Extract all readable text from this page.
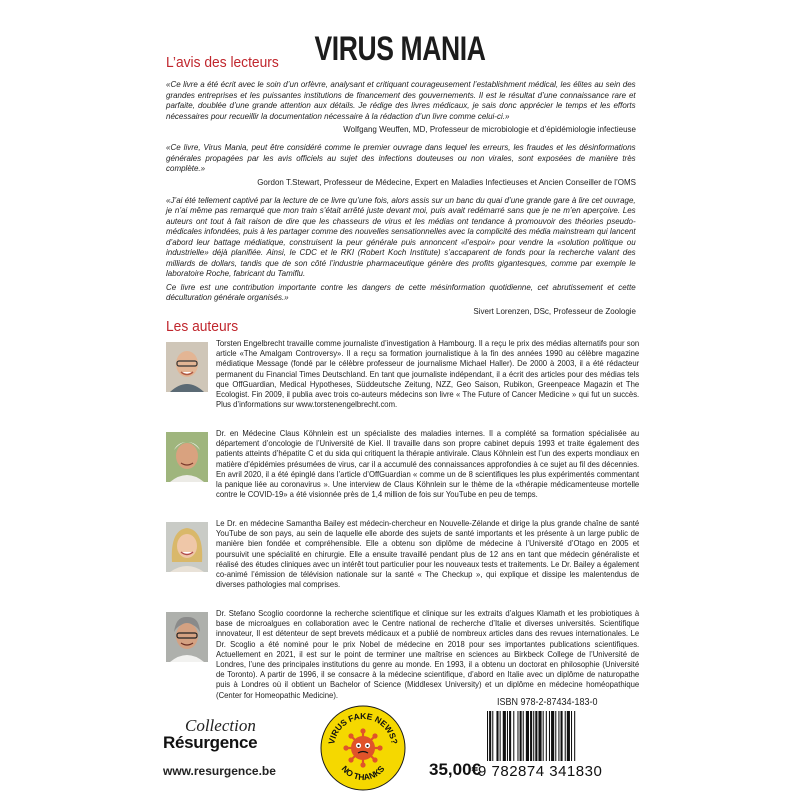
VIRUS MANIA
L’avis des lecteurs

«Ce livre a été écrit avec le soin d’un orfèvre, analysant et critiquant courageusement l’establishment médical, les élites au sein des grandes entreprises et les puissantes institutions de financement des gouvernements. Il est le résultat d’une connaissance rare et parfaite, doublée d’une grande attention aux détails. Je rédige des livres médicaux, je sais donc apprécier le temps et les efforts nécessaires pour recueillir la documentation nécessaire à la rédaction d’un livre comme celui-ci.»

Wolfgang Weuffen, MD, Professeur de microbiologie et d’épidémiologie infectieuse

«Ce livre, Virus Mania, peut être considéré comme le premier ouvrage dans lequel les erreurs, les fraudes et les désinformations générales propagées par les avis officiels au sujet des infections douteuses ou non virales, sont exposées de manière très complète.»

Gordon T.Stewart, Professeur de Médecine, Expert en Maladies Infectieuses et Ancien Conseiller de l’OMS

«J’ai été tellement captivé par la lecture de ce livre qu’une fois, alors assis sur un banc du quai d’une grande gare à lire cet ouvrage, je n’ai même pas remarqué que mon train s’était arrêté juste devant moi, puis avait redémarré sans que je ne m’en aperçoive. Les auteurs ont tout à fait raison de dire que les chasseurs de virus et les médias ont tendance à promouvoir des théories pseudo-médicales infondées, puis à les partager comme des nouvelles sensationnelles avec la complicité des média mainstream qui lancent d’abord leur battage médiatique, construisent la peur générale puis annoncent «l’espoir» pour vendre la «solution politique ou industrielle» déjà planifiée. Ainsi, le CDC et le RKI (Robert Koch Institute) s’accaparent de fonds pour la recherche valant des milliards de dollars, tandis que de son côté l’industrie pharmaceutique génère des profits gigantesques, comme par exemple le laboratoire Roche, fabricant du Tamiflu.

Ce livre est une contribution importante contre les dangers de cette mésinformation quotidienne, cet abrutissement et cette déculturation générale organisés.»

Sivert Lorenzen, DSc, Professeur de Zoologie
Les auteurs
Torsten Engelbrecht travaille comme journaliste d’investigation à Hambourg. Il a reçu le prix des médias alternatifs pour son article «The Amalgam Controversy». Il a reçu sa formation journalistique à la fin des années 1990 au célèbre magazine médiatique Message (fondé par le célèbre professeur de journalisme Michael Haller). De 2000 à 2003, il a été rédacteur permanent du Financial Times Deutschland. En tant que journaliste indépendant, il a écrit des articles pour des médias tels que OffGuardian, Medical Hypotheses, Süddeutsche Zeitung, NZZ, Geo Saison, Rubikon, Greenpeace Magazin et The Ecologist. Fin 2009, il publia avec trois co-auteurs médecins son livre « The Future of Cancer Medicine » qui fut un succès. Plus d’informations sur www.torstenengelbrecht.com.
Dr. en Médecine Claus Köhnlein est un spécialiste des maladies internes. Il a complété sa formation spécialisée au département d’oncologie de l’Université de Kiel. Il travaille dans son propre cabinet depuis 1993 et traite également des patients atteints d’hépatite C et du sida qui critiquent la thérapie antivirale. Claus Köhnlein est l’un des experts mondiaux en matière d’épidémies présumées de virus, car il a accumulé des connaissances approfondies à ce sujet au fil des décennies. En avril 2020, il a été épinglé dans l’article d’OffGuardian « comme un de 8 scientifiques les plus expérimentés commentant la panique liée au coronavirus ». Une interview de Claus Köhnlein sur le thème de la «thérapie médicamenteuse mortelle contre le COVID-19» a été visionnée près de 1,4 million de fois sur YouTube en peu de temps.
Le Dr. en médecine Samantha Bailey est médecin-chercheur en Nouvelle-Zélande et dirige la plus grande chaîne de santé YouTube de son pays, au sein de laquelle elle aborde des sujets de santé importants et les présente à un large public de manière bien fondée et compréhensible. Elle a obtenu son diplôme de médecine à l’Université d’Otago en 2005 et poursuivit une spécialité en chirurgie. Elle a ensuite travaillé pendant plus de 12 ans en tant que médecin généraliste et réalisé des études cliniques avec un intérêt tout particulier pour les nouveaux tests et traitements. Le Dr. Bailey a également co-animé l’émission de télévision nationale sur la santé « The Checkup », qui explique et dissipe les malentendus de diverses pathologies mal comprises.
Dr. Stefano Scoglio coordonne la recherche scientifique et clinique sur les extraits d’algues Klamath et les probiotiques à base de microalgues en collaboration avec le Centre national de recherche d’Italie et diverses universités. Scientifique innovateur, Il est détenteur de sept brevets médicaux et a publié de nombreux articles dans des revues internationales. Le Dr. Scoglio a été nominé pour le prix Nobel de médecine en 2018 pour ses importantes publications scientifiques. Actuellement en 2021, il est sur le point de terminer une maîtrise en sciences au Birkbeck College de l’Université de Londres, l’une des principales institutions du genre au monde. En 1993, il a obtenu un doctorat en philosophie (Université de Toronto). A partir de 1996, il se consacre à la médecine scientifique, d’abord en Italie avec un diplôme de naturopathe puis à Londres où il obtient un Bachelor of Science (Middlesex University) et un diplôme en médecine homéopathique (Center for Homeopathic Medicine).
ISBN 978-2-87434-183-0
Collection
Résurgence
www.resurgence.be
VIRUS FAKE NEWS?
NO THANKS	35,00€
9 782874 341830
